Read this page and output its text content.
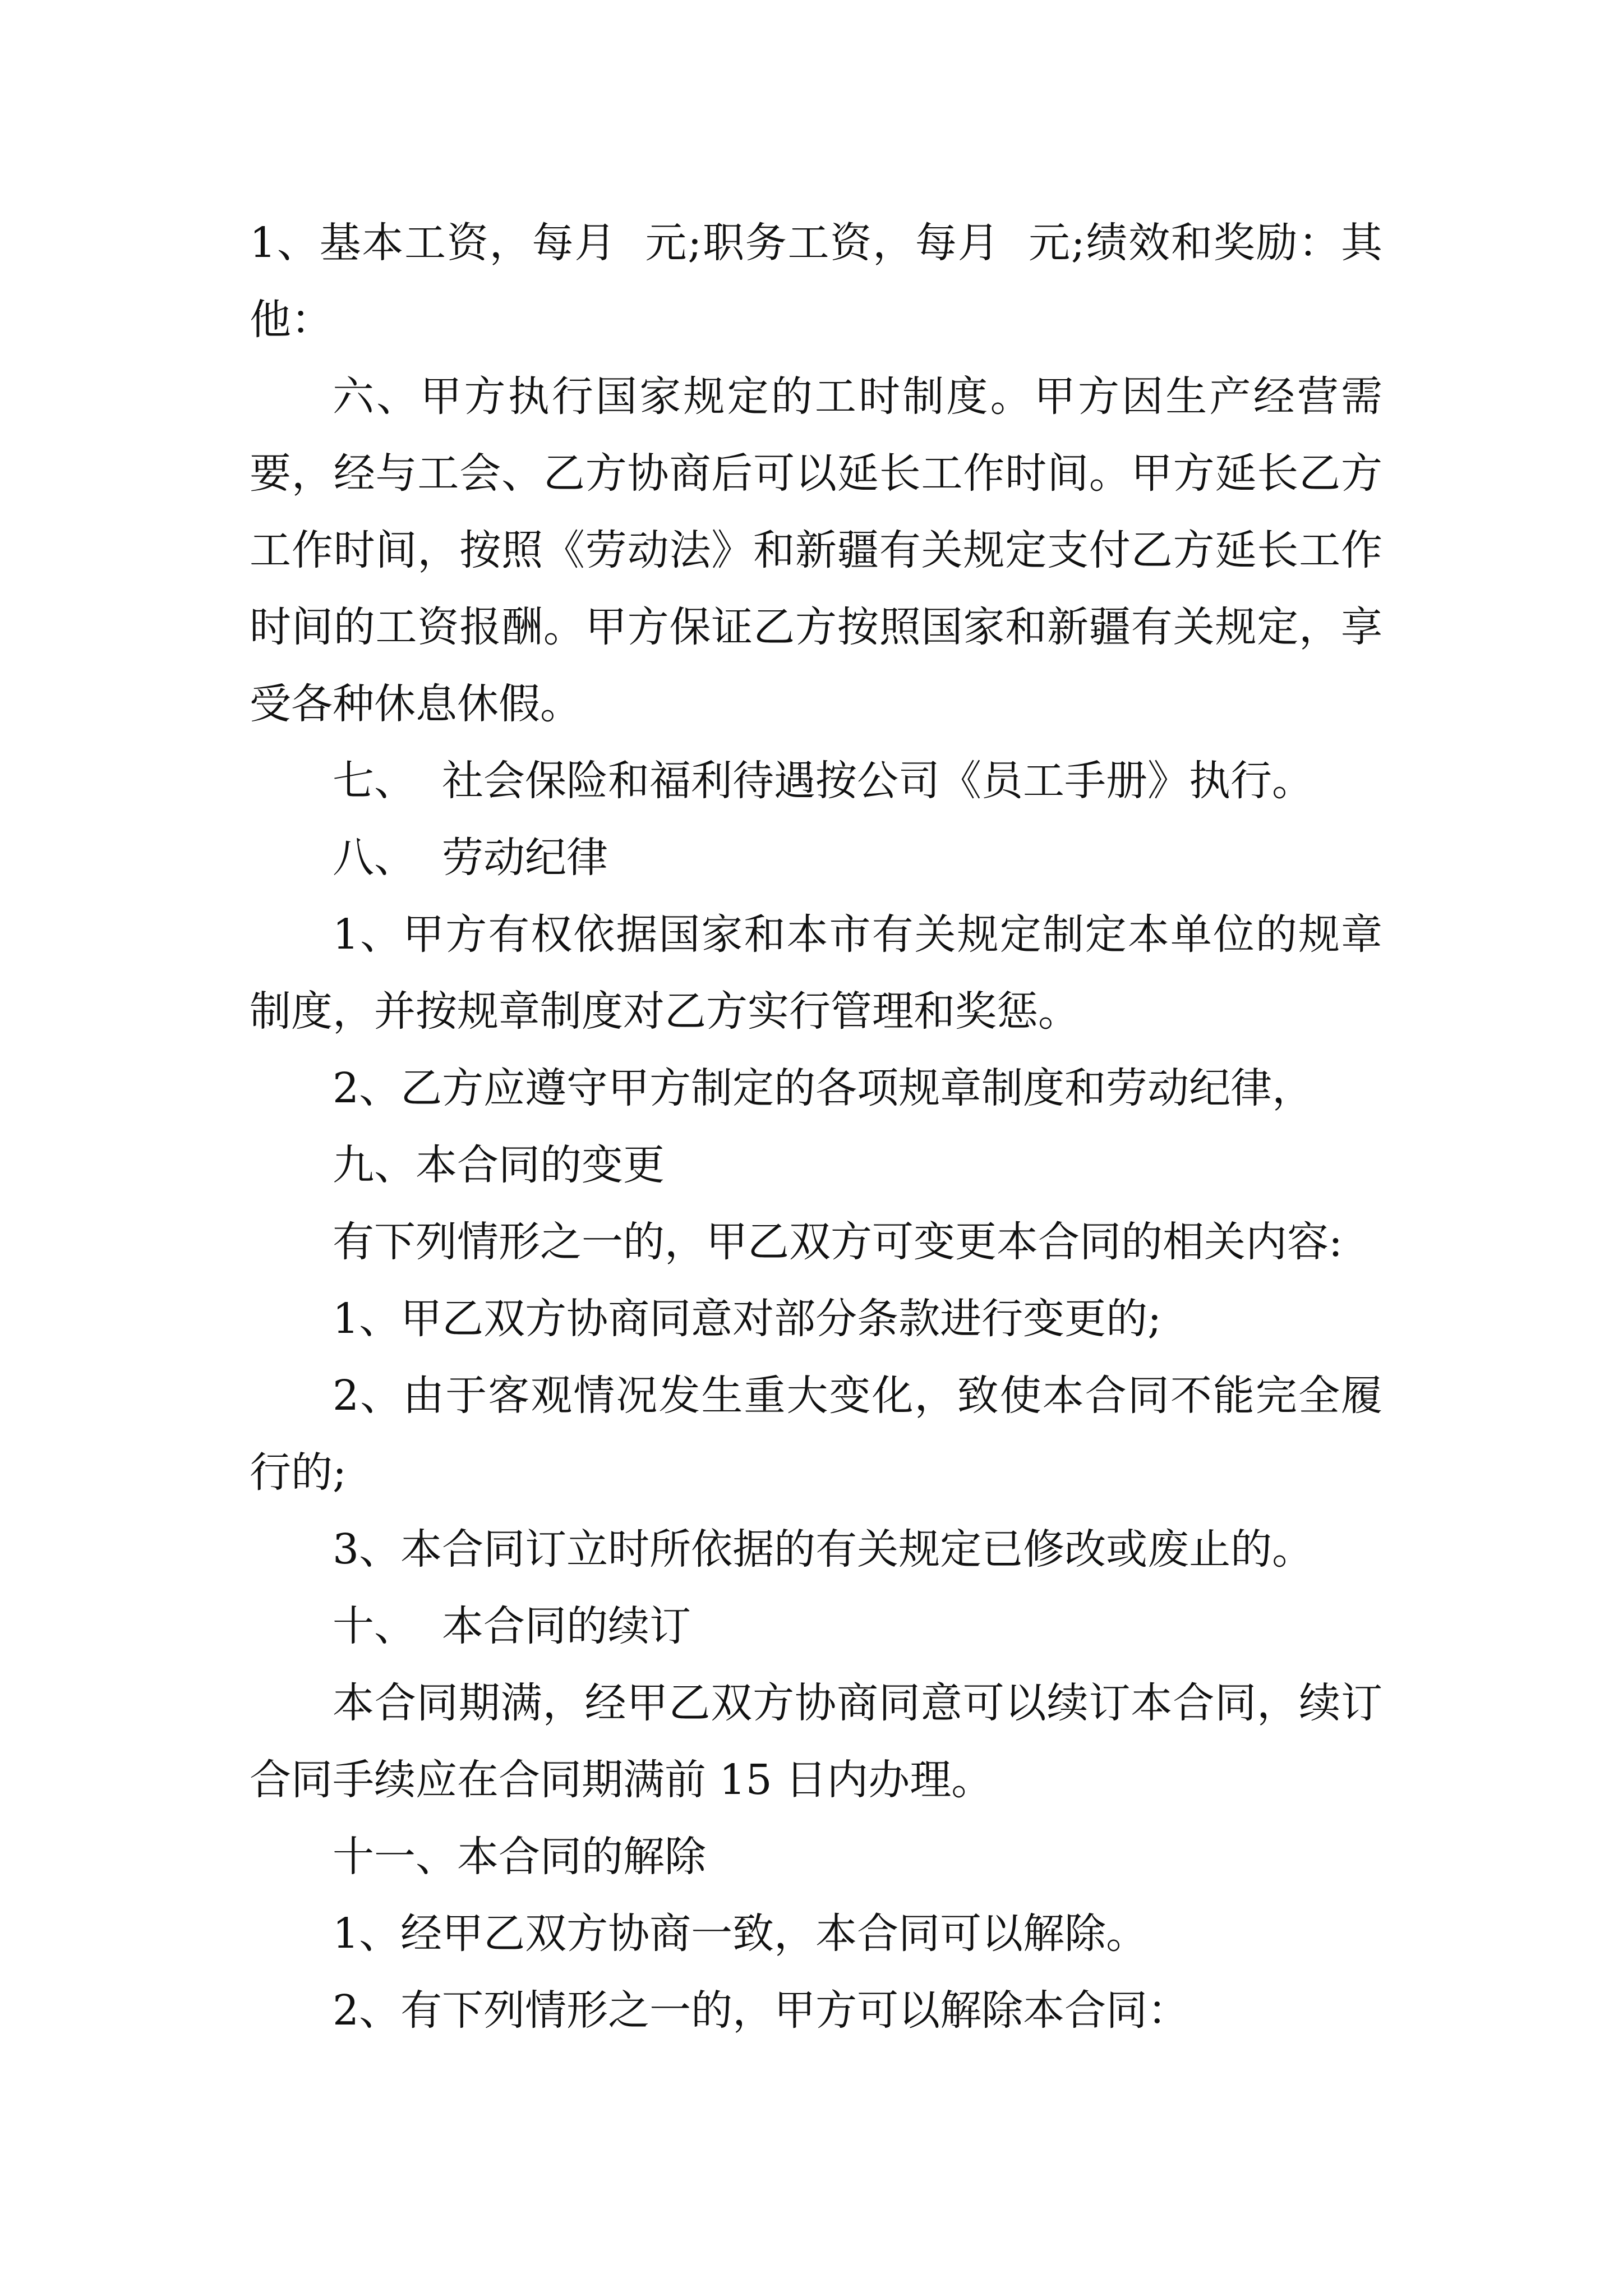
1、基本工资，每月  元;职务工资，每月  元;绩效和奖励：其他：

六、甲方执行国家规定的工时制度。甲方因生产经营需要，经与工会、乙方协商后可以延长工作时间。甲方延长乙方工作时间，按照《劳动法》和新疆有关规定支付乙方延长工作时间的工资报酬。甲方保证乙方按照国家和新疆有关规定，享受各种休息休假。

七、  社会保险和福利待遇按公司《员工手册》执行。

八、  劳动纪律

1、甲方有权依据国家和本市有关规定制定本单位的规章制度，并按规章制度对乙方实行管理和奖惩。

2、乙方应遵守甲方制定的各项规章制度和劳动纪律，

九、本合同的变更

有下列情形之一的，甲乙双方可变更本合同的相关内容:

1、甲乙双方协商同意对部分条款进行变更的;

2、由于客观情况发生重大变化，致使本合同不能完全履行的;

3、本合同订立时所依据的有关规定已修改或废止的。

十、  本合同的续订

本合同期满，经甲乙双方协商同意可以续订本合同，续订合同手续应在合同期满前 15 日内办理。

十一、本合同的解除

1、经甲乙双方协商一致，本合同可以解除。

2、有下列情形之一的，甲方可以解除本合同：
